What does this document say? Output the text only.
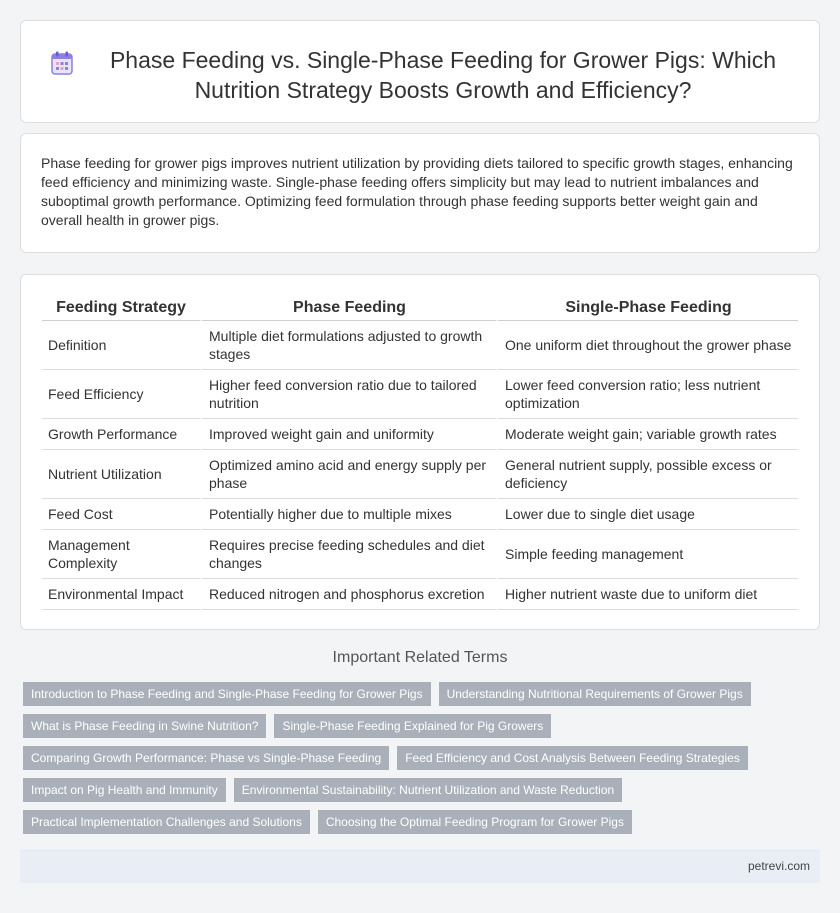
Phase Feeding vs. Single-Phase Feeding for Grower Pigs: Which Nutrition Strategy Boosts Growth and Efficiency?

Phase feeding for grower pigs improves nutrient utilization by providing diets tailored to specific growth stages, enhancing feed efficiency and minimizing waste. Single-phase feeding offers simplicity but may lead to nutrient imbalances and suboptimal growth performance. Optimizing feed formulation through phase feeding supports better weight gain and overall health in grower pigs.

Feeding Strategy	Phase Feeding	Single-Phase Feeding
Definition	Multiple diet formulations adjusted to growth stages	One uniform diet throughout the grower phase
Feed Efficiency	Higher feed conversion ratio due to tailored nutrition	Lower feed conversion ratio; less nutrient optimization
Growth Performance	Improved weight gain and uniformity	Moderate weight gain; variable growth rates
Nutrient Utilization	Optimized amino acid and energy supply per phase	General nutrient supply, possible excess or deficiency
Feed Cost	Potentially higher due to multiple mixes	Lower due to single diet usage
Management Complexity	Requires precise feeding schedules and diet changes	Simple feeding management
Environmental Impact	Reduced nitrogen and phosphorus excretion	Higher nutrient waste due to uniform diet
Important Related Terms
Introduction to Phase Feeding and Single-Phase Feeding for Grower Pigs	Understanding Nutritional Requirements of Grower Pigs
What is Phase Feeding in Swine Nutrition?	Single-Phase Feeding Explained for Pig Growers
Comparing Growth Performance: Phase vs Single-Phase Feeding	Feed Efficiency and Cost Analysis Between Feeding Strategies
Impact on Pig Health and Immunity	Environmental Sustainability: Nutrient Utilization and Waste Reduction
Practical Implementation Challenges and Solutions	Choosing the Optimal Feeding Program for Grower Pigs
petrevi.com
